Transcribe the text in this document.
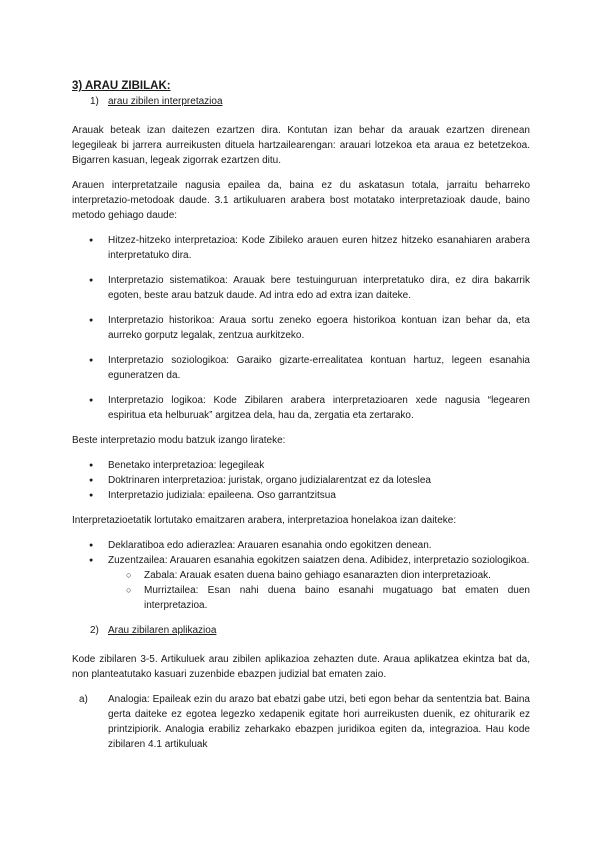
3) ARAU ZIBILAK:

1) arau zibilen interpretazioa

Arauak beteak izan daitezen ezartzen dira. Kontutan izan behar da arauak ezartzen direnean legegileak bi jarrera aurreikusten dituela hartzailearengan: arauari lotzekoa eta araua ez betetzekoa. Bigarren kasuan, legeak zigorrak ezartzen ditu.

Arauen interpretatzaile nagusia epailea da, baina ez du askatasun totala, jarraitu beharreko interpretazio-metodoak daude. 3.1 artikuluaren arabera bost motatako interpretazioak daude, baino metodo gehiago daude:

● Hitzez-hitzeko interpretazioa: Kode Zibileko arauen euren hitzez hitzeko esanahiaren arabera interpretatuko dira.
● Interpretazio sistematikoa: Arauak bere testuinguruan interpretatuko dira, ez dira bakarrik egoten, beste arau batzuk daude. Ad intra edo ad extra izan daiteke.
● Interpretazio historikoa: Araua sortu zeneko egoera historikoa kontuan izan behar da, eta aurreko gorputz legalak, zentzua aurkitzeko.
● Interpretazio soziologikoa: Garaiko gizarte-errealitatea kontuan hartuz, legeen esanahia eguneratzen da.
● Interpretazio logikoa: Kode Zibilaren arabera interpretazioaren xede nagusia “legearen espiritua eta helburuak” argitzea dela, hau da, zergatia eta zertarako.

Beste interpretazio modu batzuk izango lirateke:

● Benetako interpretazioa: legegileak
● Doktrinaren interpretazioa: juristak, organo judizialarentzat ez da loteslea
● Interpretazio judiziala: epaileena. Oso garrantzitsua

Interpretazioetatik lortutako emaitzaren arabera, interpretazioa honelakoa izan daiteke:

● Deklaratiboa edo adierazlea: Arauaren esanahia ondo egokitzen denean.
● Zuzentzailea: Arauaren esanahia egokitzen saiatzen dena. Adibidez, interpretazio soziologikoa.
○ Zabala: Arauak esaten duena baino gehiago esanarazten dion interpretazioak.
○ Murriztailea: Esan nahi duena baino esanahi mugatuago bat ematen duen interpretazioa.
2) Arau zibilaren aplikazioa

Kode zibilaren 3-5. Artikuluek arau zibilen aplikazioa zehazten dute. Araua aplikatzea ekintza bat da, non planteatutako kasuari zuzenbide ebazpen judizial bat ematen zaio.

a)	Analogia: Epaileak ezin du arazo bat ebatzi gabe utzi, beti egon behar da sententzia bat. Baina gerta daiteke ez egotea legezko xedapenik egitate hori aurreikusten duenik, ez ohiturarik ez printzipiorik. Analogia erabiliz zeharkako ebazpen juridikoa egiten da, integrazioa. Hau kode zibilaren 4.1 artikuluak
